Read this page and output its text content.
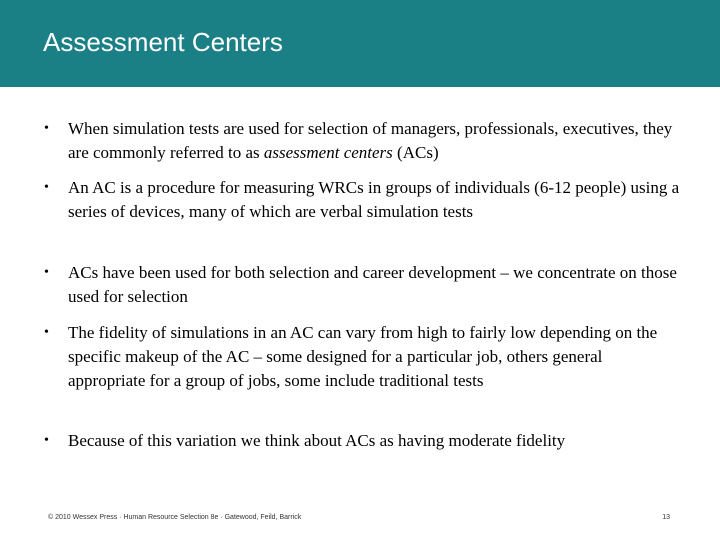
Assessment Centers
•	When simulation tests are used for selection of managers, professionals, executives, they are commonly referred to as assessment centers (ACs)
•	An AC is a procedure for measuring WRCs in groups of individuals (6-12 people) using a series of devices, many of which are verbal simulation tests
•	ACs have been used for both selection and career development – we concentrate on those used for selection
•	The fidelity of simulations in an AC can vary from high to fairly low depending on the specific makeup of the AC – some designed for a particular job, others general appropriate for a group of jobs, some include traditional tests
•	Because of this variation we think about ACs as having moderate fidelity

© 2010 Wessex Press · Human Resource Selection 8e · Gatewood, Feild, Barrick	13
